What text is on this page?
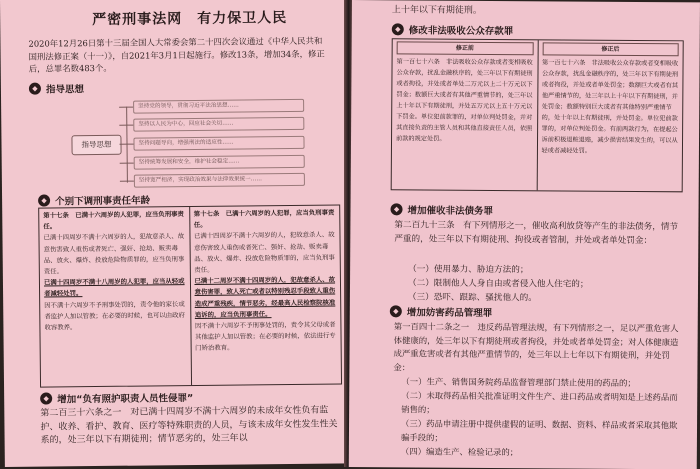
严密刑事法网　有力保卫人民
2020年12月26日第十三届全国人大常委会第二十四次会议通过《中华人民共和国刑法修正案（十一）》，自2021年3月1日起施行。修改13条，增加34条，修正后，总罪名数483个。
◆ 指导思想
指导思想
坚持党的领导，贯彻习近平法治思想……
坚持以人民为中心，回应社会关切……
坚持问题导向，增强刑法的适应性……
坚持统筹发展和安全，维护社会稳定……
坚持宽严相济，实现政治效果与法律效果统一……
◆ 个别下调刑事责任年龄
第十七条　已满十六周岁的人犯罪，应当负刑事责任。
已满十四周岁不满十六周岁的人，犯故意杀人、故意伤害致人重伤或者死亡、强奸、抢劫、贩卖毒品、放火、爆炸、投放危险物质罪的，应当负刑事责任。
已满十四周岁不满十八周岁的人犯罪，应当从轻或者减轻处罚。
因不满十六周岁不予刑事处罚的，责令他的家长或者监护人加以管教；在必要的时候，也可以由政府收容教养。
第十七条　已满十六周岁的人犯罪，应当负刑事责任。
已满十四周岁不满十六周岁的人，犯故意杀人、故意伤害致人重伤或者死亡、强奸、抢劫、贩卖毒品、放火、爆炸、投放危险物质罪的，应当负刑事责任。
已满十二周岁不满十四周岁的人，犯故意杀人、故意伤害罪，致人死亡或者以特别残忍手段致人重伤造成严重残疾，情节恶劣，经最高人民检察院核准追诉的，应当负刑事责任。
因不满十六周岁不予刑事处罚的，责令其父母或者其他监护人加以管教；在必要的时候，依法进行专门矫治教育。
◆ 增加“负有照护职责人员性侵罪”
第二百三十六条之一　对已满十四周岁不满十六周岁的未成年女性负有监护、收养、看护、教育、医疗等特殊职责的人员，与该未成年女性发生性关系的，处三年以下有期徒刑；情节恶劣的，处三年以
上十年以下有期徒刑。
◆ 修改非法吸收公众存款罪
修正前
第一百七十六条　非法吸收公众存款或者变相吸收公众存款，扰乱金融秩序的，处三年以下有期徒刑或者拘役，并处或者单处二万元以上二十万元以下罚金；数额巨大或者有其他严重情节的，处三年以上十年以下有期徒刑，并处五万元以上五十万元以下罚金。单位犯前款罪的，对单位判处罚金，并对其直接负责的主管人员和其他直接责任人员，依照前款的规定处罚。
修正后
第一百七十六条　非法吸收公众存款或者变相吸收公众存款，扰乱金融秩序的，处三年以下有期徒刑或者拘役，并处或者单处罚金；数额巨大或者有其他严重情节的，处三年以上十年以下有期徒刑，并处罚金；数额特别巨大或者有其他特别严重情节的，处十年以上有期徒刑，并处罚金。单位犯前款罪的，对单位判处罚金。有前两款行为，在提起公诉前积极退赃退赔，减少损害结果发生的，可以从轻或者减轻处罚。
◆ 增加催收非法债务罪
第二百九十三条　有下列情形之一，催收高利放贷等产生的非法债务，情节严重的，处三年以下有期徒刑、拘役或者管制，并处或者单处罚金：
（一）使用暴力、胁迫方法的；
（二）限制他人人身自由或者侵入他人住宅的；
（三）恐吓、跟踪、骚扰他人的。
◆ 增加妨害药品管理罪
第一百四十二条之一　违反药品管理法规，有下列情形之一，足以严重危害人体健康的，处三年以下有期徒刑或者拘役，并处或者单处罚金；对人体健康造成严重危害或者有其他严重情节的，处三年以上七年以下有期徒刑，并处罚金：
（一）生产、销售国务院药品监督管理部门禁止使用的药品的；
（二）未取得药品相关批准证明文件生产、进口药品或者明知是上述药品而销售的；
（三）药品申请注册中提供虚假的证明、数据、资料、样品或者采取其他欺骗手段的；
（四）编造生产、检验记录的；
